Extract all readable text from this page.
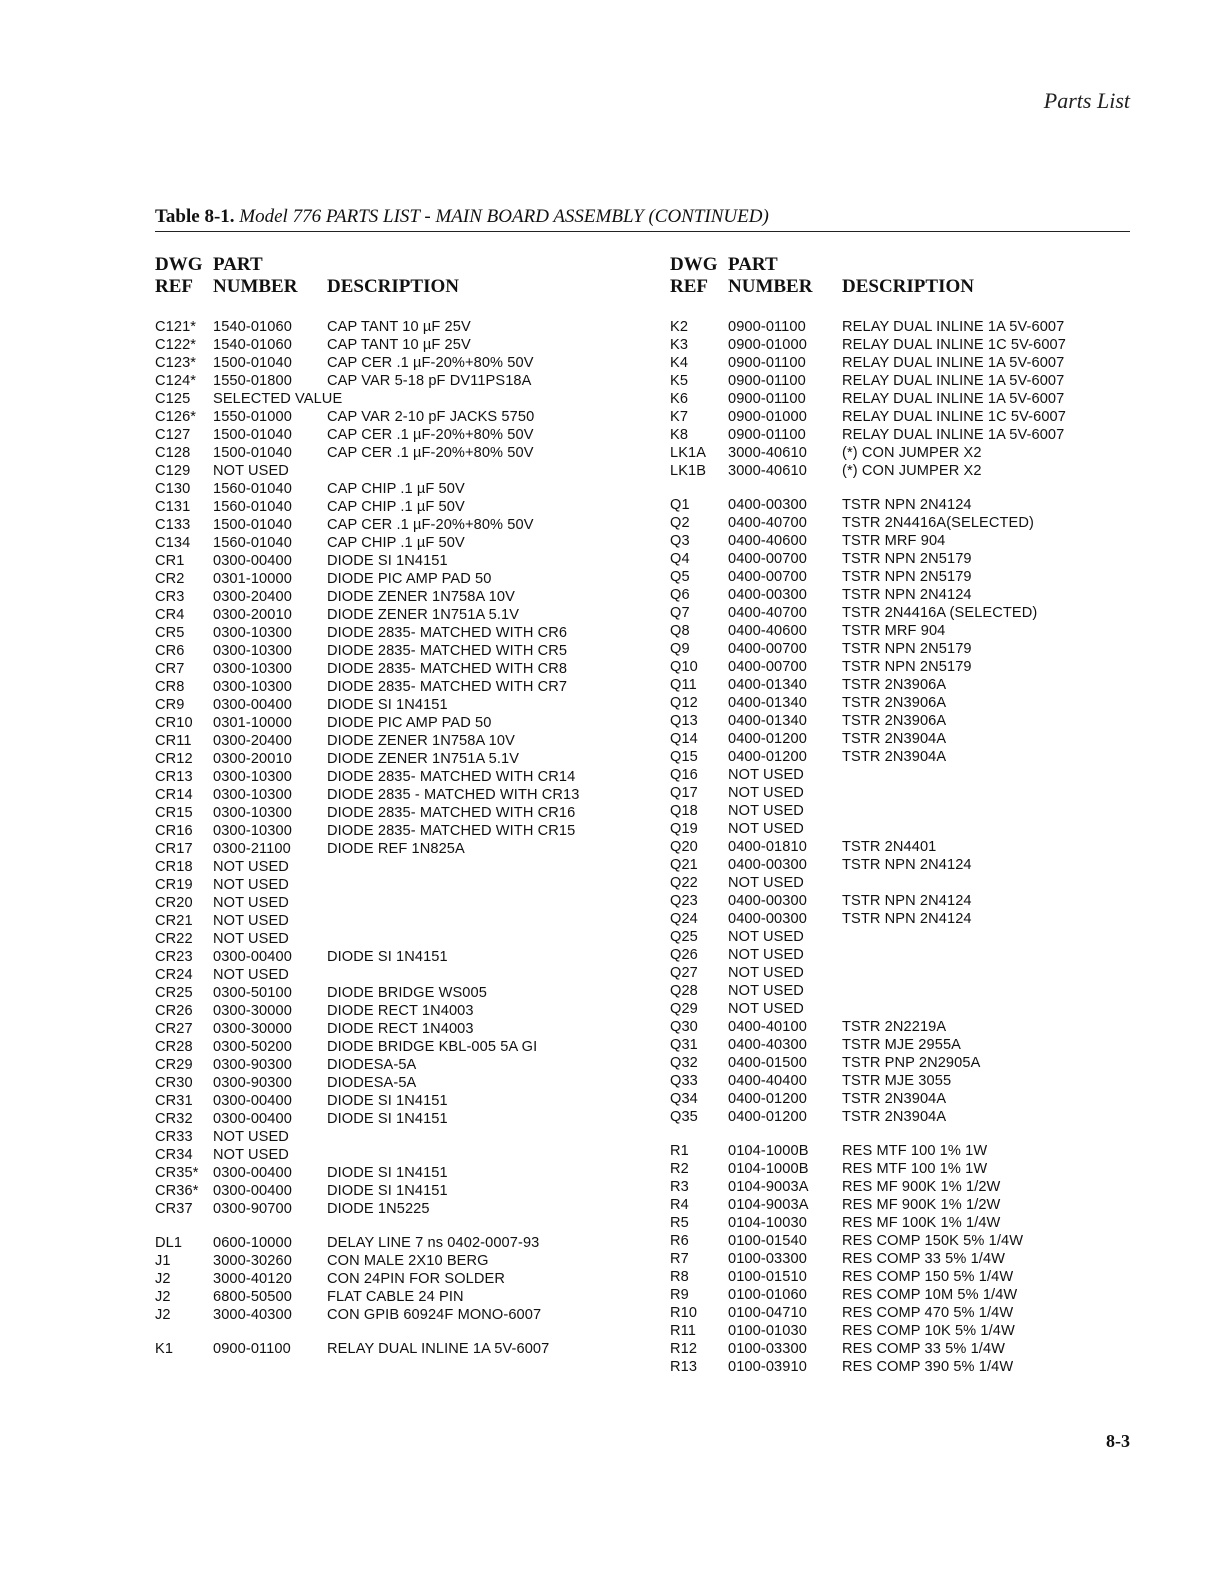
Parts List
Table 8-1. Model 776 PARTS LIST - MAIN BOARD ASSEMBLY (CONTINUED)
DWG PART
REF	NUMBER	DESCRIPTION
C121*	1540-01060	CAP TANT 10 µF 25V
C122*	1540-01060	CAP TANT 10 µF 25V
C123*	1500-01040	CAP CER .1 µF-20%+80% 50V
C124*	1550-01800	CAP VAR 5-18 pF DV11PS18A
C125	SELECTED VALUE
C126*	1550-01000	CAP VAR 2-10 pF JACKS 5750
C127	1500-01040	CAP CER .1 µF-20%+80% 50V
C128	1500-01040	CAP CER .1 µF-20%+80% 50V
C129	NOT USED
C130	1560-01040	CAP CHIP .1 µF 50V
C131	1560-01040	CAP CHIP .1 µF 50V
C133	1500-01040	CAP CER .1 µF-20%+80% 50V
C134	1560-01040	CAP CHIP .1 µF 50V
CR1	0300-00400	DIODE SI 1N4151
CR2	0301-10000	DIODE PIC AMP PAD 50
CR3	0300-20400	DIODE ZENER 1N758A 10V
CR4	0300-20010	DIODE ZENER 1N751A 5.1V
CR5	0300-10300	DIODE 2835- MATCHED WITH CR6
CR6	0300-10300	DIODE 2835- MATCHED WITH CR5
CR7	0300-10300	DIODE 2835- MATCHED WITH CR8
CR8	0300-10300	DIODE 2835- MATCHED WITH CR7
CR9	0300-00400	DIODE SI 1N4151
CR10	0301-10000	DIODE PIC AMP PAD 50
CR11	0300-20400	DIODE ZENER 1N758A 10V
CR12	0300-20010	DIODE ZENER 1N751A 5.1V
CR13	0300-10300	DIODE 2835- MATCHED WITH CR14
CR14	0300-10300	DIODE 2835 - MATCHED WITH CR13
CR15	0300-10300	DIODE 2835- MATCHED WITH CR16
CR16	0300-10300	DIODE 2835- MATCHED WITH CR15
CR17	0300-21100	DIODE REF 1N825A
CR18	NOT USED
CR19	NOT USED
CR20	NOT USED
CR21	NOT USED
CR22	NOT USED
CR23	0300-00400	DIODE SI 1N4151
CR24	NOT USED
CR25	0300-50100	DIODE BRIDGE WS005
CR26	0300-30000	DIODE RECT 1N4003
CR27	0300-30000	DIODE RECT 1N4003
CR28	0300-50200	DIODE BRIDGE KBL-005 5A GI
CR29	0300-90300	DIODESA-5A
CR30	0300-90300	DIODESA-5A
CR31	0300-00400	DIODE SI 1N4151
CR32	0300-00400	DIODE SI 1N4151
CR33	NOT USED
CR34	NOT USED
CR35* 0300-00400	DIODE SI 1N4151
CR36* 0300-00400	DIODE SI 1N4151
CR37	0300-90700	DIODE 1N5225
DL1	0600-10000	DELAY LINE 7 ns 0402-0007-93
J1	3000-30260	CON MALE 2X10 BERG
J2	3000-40120	CON 24PIN FOR SOLDER
J2	6800-50500	FLAT CABLE 24 PIN
J2	3000-40300	CON GPIB 60924F MONO-6007
K1	0900-01100	RELAY DUAL INLINE 1A 5V-6007
DWG PART
REF	NUMBER	DESCRIPTION
K2	0900-01100	RELAY DUAL INLINE 1A 5V-6007
K3	0900-01000	RELAY DUAL INLINE 1C 5V-6007
K4	0900-01100	RELAY DUAL INLINE 1A 5V-6007
K5	0900-01100	RELAY DUAL INLINE 1A 5V-6007
K6	0900-01100	RELAY DUAL INLINE 1A 5V-6007
K7	0900-01000	RELAY DUAL INLINE 1C 5V-6007
K8	0900-01100	RELAY DUAL INLINE 1A 5V-6007
LK1A	3000-40610	(*) CON JUMPER X2
LK1B	3000-40610	(*) CON JUMPER X2
Q1	0400-00300	TSTR NPN 2N4124
Q2	0400-40700	TSTR 2N4416A(SELECTED)
Q3	0400-40600	TSTR MRF 904
Q4	0400-00700	TSTR NPN 2N5179
Q5	0400-00700	TSTR NPN 2N5179
Q6	0400-00300	TSTR NPN 2N4124
Q7	0400-40700	TSTR 2N4416A (SELECTED)
Q8	0400-40600	TSTR MRF 904
Q9	0400-00700	TSTR NPN 2N5179
Q10	0400-00700	TSTR NPN 2N5179
Q11	0400-01340	TSTR 2N3906A
Q12	0400-01340	TSTR 2N3906A
Q13	0400-01340	TSTR 2N3906A
Q14	0400-01200	TSTR 2N3904A
Q15	0400-01200	TSTR 2N3904A
Q16	NOT USED
Q17	NOT USED
Q18	NOT USED
Q19	NOT USED
Q20	0400-01810	TSTR 2N4401
Q21	0400-00300	TSTR NPN 2N4124
Q22	NOT USED
Q23	0400-00300	TSTR NPN 2N4124
Q24	0400-00300	TSTR NPN 2N4124
Q25	NOT USED
Q26	NOT USED
Q27	NOT USED
Q28	NOT USED
Q29	NOT USED
Q30	0400-40100	TSTR 2N2219A
Q31	0400-40300	TSTR MJE 2955A
Q32	0400-01500	TSTR PNP 2N2905A
Q33	0400-40400	TSTR MJE 3055
Q34	0400-01200	TSTR 2N3904A
Q35	0400-01200	TSTR 2N3904A
R1	0104-1000B	RES MTF 100 1% 1W
R2	0104-1000B	RES MTF 100 1% 1W
R3	0104-9003A	RES MF 900K 1% 1/2W
R4	0104-9003A	RES MF 900K 1% 1/2W
R5	0104-10030	RES MF 100K 1% 1/4W
R6	0100-01540	RES COMP 150K 5% 1/4W
R7	0100-03300	RES COMP 33 5% 1/4W
R8	0100-01510	RES COMP 150 5% 1/4W
R9	0100-01060	RES COMP 10M 5% 1/4W
R10	0100-04710	RES COMP 470 5% 1/4W
R11	0100-01030	RES COMP 10K 5% 1/4W
R12	0100-03300	RES COMP 33 5% 1/4W
R13	0100-03910	RES COMP 390 5% 1/4W
8-3
